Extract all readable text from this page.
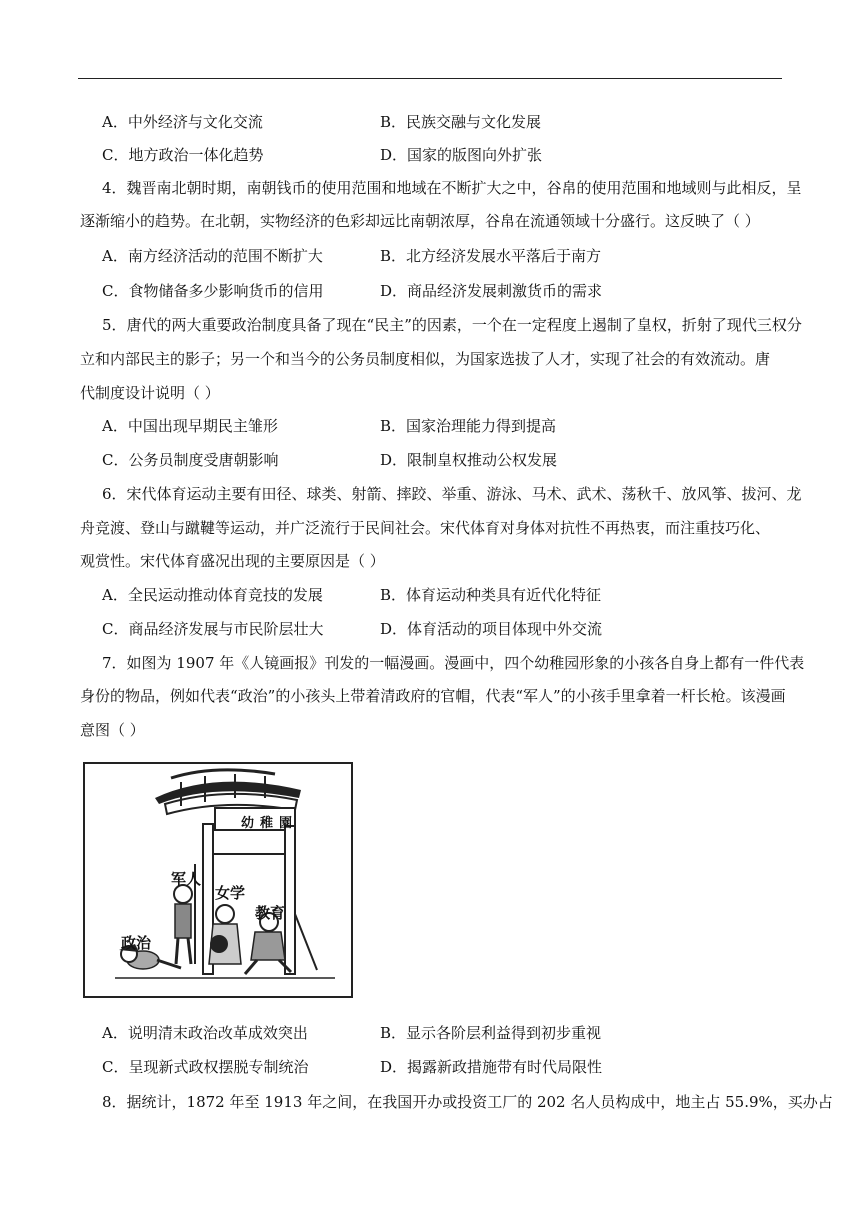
A．中外经济与文化交流	B．民族交融与文化发展
C．地方政治一体化趋势	D．国家的版图向外扩张
4．魏晋南北朝时期，南朝钱币的使用范围和地域在不断扩大之中，谷帛的使用范围和地域则与此相反，呈
逐渐缩小的趋势。在北朝，实物经济的色彩却远比南朝浓厚，谷帛在流通领域十分盛行。这反映了（ ）
A．南方经济活动的范围不断扩大	B．北方经济发展水平落后于南方
C．食物储备多少影响货币的信用	D．商品经济发展刺激货币的需求
5．唐代的两大重要政治制度具备了现在“民主”的因素，一个在一定程度上遏制了皇权，折射了现代三权分
立和内部民主的影子；另一个和当今的公务员制度相似，为国家选拔了人才，实现了社会的有效流动。唐
代制度设计说明（ ）
A．中国出现早期民主雏形	B．国家治理能力得到提高
C．公务员制度受唐朝影响	D．限制皇权推动公权发展
6．宋代体育运动主要有田径、球类、射箭、摔跤、举重、游泳、马术、武术、荡秋千、放风筝、拔河、龙
舟竞渡、登山与蹴鞬等运动，并广泛流行于民间社会。宋代体育对身体对抗性不再热衷，而注重技巧化、
观赏性。宋代体育盛况出现的主要原因是（ ）
A．全民运动推动体育竞技的发展	B．体育运动种类具有近代化特征
C．商品经济发展与市民阶层壮大	D．体育活动的项目体现中外交流
7．如图为 1907 年《人镜画报》刊发的一幅漫画。漫画中，四个幼稚园形象的小孩各自身上都有一件代表
身份的物品，例如代表“政治”的小孩头上带着清政府的官帽，代表“军人”的小孩手里拿着一杆长枪。该漫画
意图（ ）
幼稚園
军人
女学
教育
政治
A．说明清末政治改革成效突出	B．显示各阶层利益得到初步重视
C．呈现新式政权摆脱专制统治	D．揭露新政措施带有时代局限性
8．据统计，1872 年至 1913 年之间，在我国开办或投资工厂的 202 名人员构成中，地主占 55.9%，买办占
